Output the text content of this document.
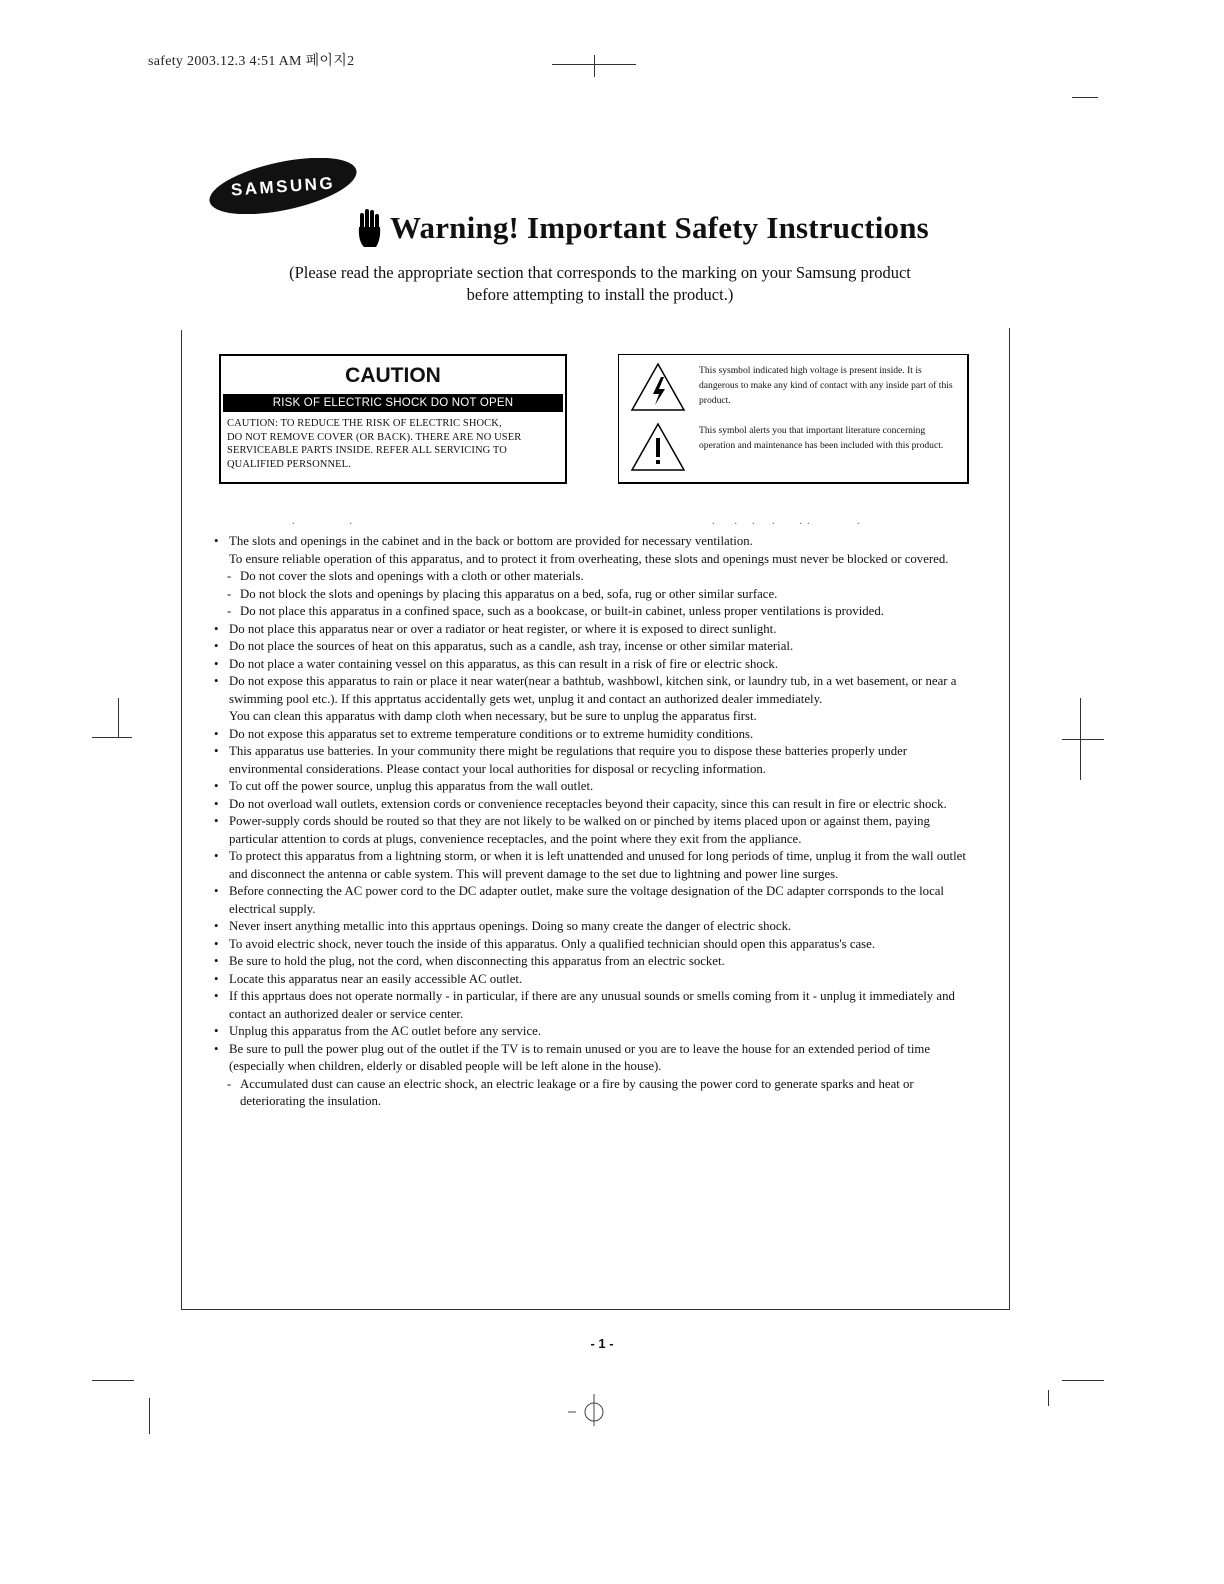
safety 2003.12.3 4:51 AM 페이지2
SAMSUNG
Warning! Important Safety Instructions
(Please read the appropriate section that corresponds to the marking on your Samsung product
before attempting to install the product.)
CAUTION
RISK OF ELECTRIC SHOCK DO NOT OPEN
CAUTION: TO REDUCE THE RISK OF ELECTRIC SHOCK,
DO NOT REMOVE COVER (OR BACK). THERE ARE NO USER
SERVICEABLE PARTS INSIDE. REFER ALL SERVICING TO
QUALIFIED PERSONNEL.
This sysmbol indicated high voltage is present inside. It is dangerous to make any kind of contact with any inside part of this product.
This symbol alerts you that important literature concerning operation and maintenance has been included with this product.
.                      .	.        .      .       .          .  .                   .
• The slots and openings in the cabinet and in the back or bottom are provided for necessary ventilation.
To ensure reliable operation of this apparatus, and to protect it from overheating, these slots and openings must never be blocked or covered.
- Do not cover the slots and openings with a cloth or other materials.
- Do not block the slots and openings by placing this apparatus on a bed, sofa, rug or other similar surface.
- Do not place this apparatus in a confined space, such as a bookcase, or built-in cabinet, unless proper ventilations is provided.
• Do not place this apparatus near or over a radiator or heat register, or where it is exposed to direct sunlight.
• Do not place the sources of heat on this apparatus, such as a candle, ash tray, incense or other similar material.
• Do not place a water containing vessel on this apparatus, as this can result in a risk of fire or electric shock.
• Do not expose this apparatus to rain or place it near water(near a bathtub, washbowl, kitchen sink, or laundry tub, in a wet basement, or near a swimming pool etc.). If this apprtatus accidentally gets wet, unplug it and contact an authorized dealer immediately.
You can clean this apparatus with damp cloth when necessary, but be sure to unplug the apparatus first.
• Do not expose this apparatus set to extreme temperature conditions or to extreme humidity conditions.
• This apparatus use batteries. In your community there might be regulations that require you to dispose these batteries properly under environmental considerations. Please contact your local authorities for disposal or recycling information.
• To cut off the power source, unplug this apparatus from the wall outlet.
• Do not overload wall outlets, extension cords or convenience receptacles beyond their capacity, since this can result in fire or electric shock.
• Power-supply cords should be routed so that they are not likely to be walked on or pinched by items placed upon or against them, paying particular attention to cords at plugs, convenience receptacles, and the point where they exit from the appliance.
• To protect this apparatus from a lightning storm, or when it is left unattended and unused for long periods of time, unplug it from the wall outlet and disconnect the antenna or cable system. This will prevent damage to the set due to lightning and power line surges.
• Before connecting the AC power cord to the DC adapter outlet, make sure the voltage designation of the DC adapter corrsponds to the local electrical supply.
• Never insert anything metallic into this apprtaus openings. Doing so many create the danger of electric shock.
• To avoid electric shock, never touch the inside of this apparatus. Only a qualified technician should open this apparatus's case.
• Be sure to hold the plug, not the cord, when disconnecting this apparatus from an electric socket.
• Locate this apparatus near an easily accessible AC outlet.
• If this apprtaus does not operate normally - in particular, if there are any unusual sounds or smells coming from it - unplug it immediately and contact an authorized dealer or service center.
• Unplug this apparatus from the AC outlet before any service.
• Be sure to pull the power plug out of the outlet if the TV is to remain unused or you are to leave the house for an extended period of time (especially when children, elderly or disabled people will be left alone in the house).
- Accumulated dust can cause an electric shock, an electric leakage or a fire by causing the power cord to generate sparks and heat or deteriorating the insulation.
- 1 -
